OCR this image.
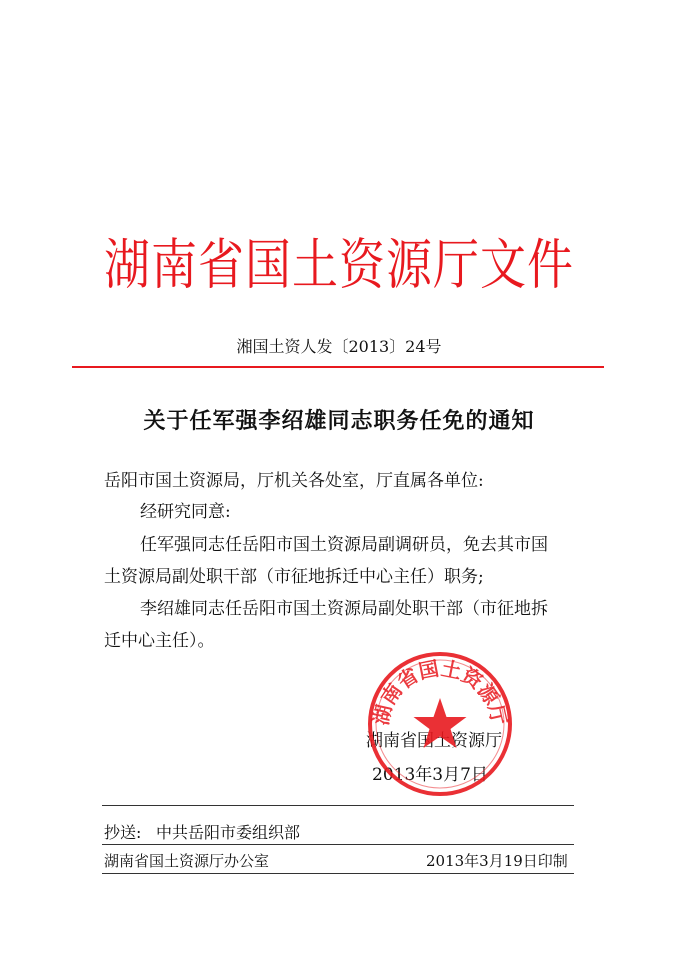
湖南省国土资源厅文件
湘国土资人发〔2013〕24号
关于任军强李绍雄同志职务任免的通知
岳阳市国土资源局，厅机关各处室，厅直属各单位:
经研究同意:
任军强同志任岳阳市国土资源局副调研员，免去其市国
土资源局副处职干部（市征地拆迁中心主任）职务;
李绍雄同志任岳阳市国土资源局副处职干部（市征地拆
迁中心主任）。
湖南省国土资源厅
2013年3月7日
湖南省国土资源厅
抄送: 中共岳阳市委组织部
湖南省国土资源厅办公室	2013年3月19日印制
